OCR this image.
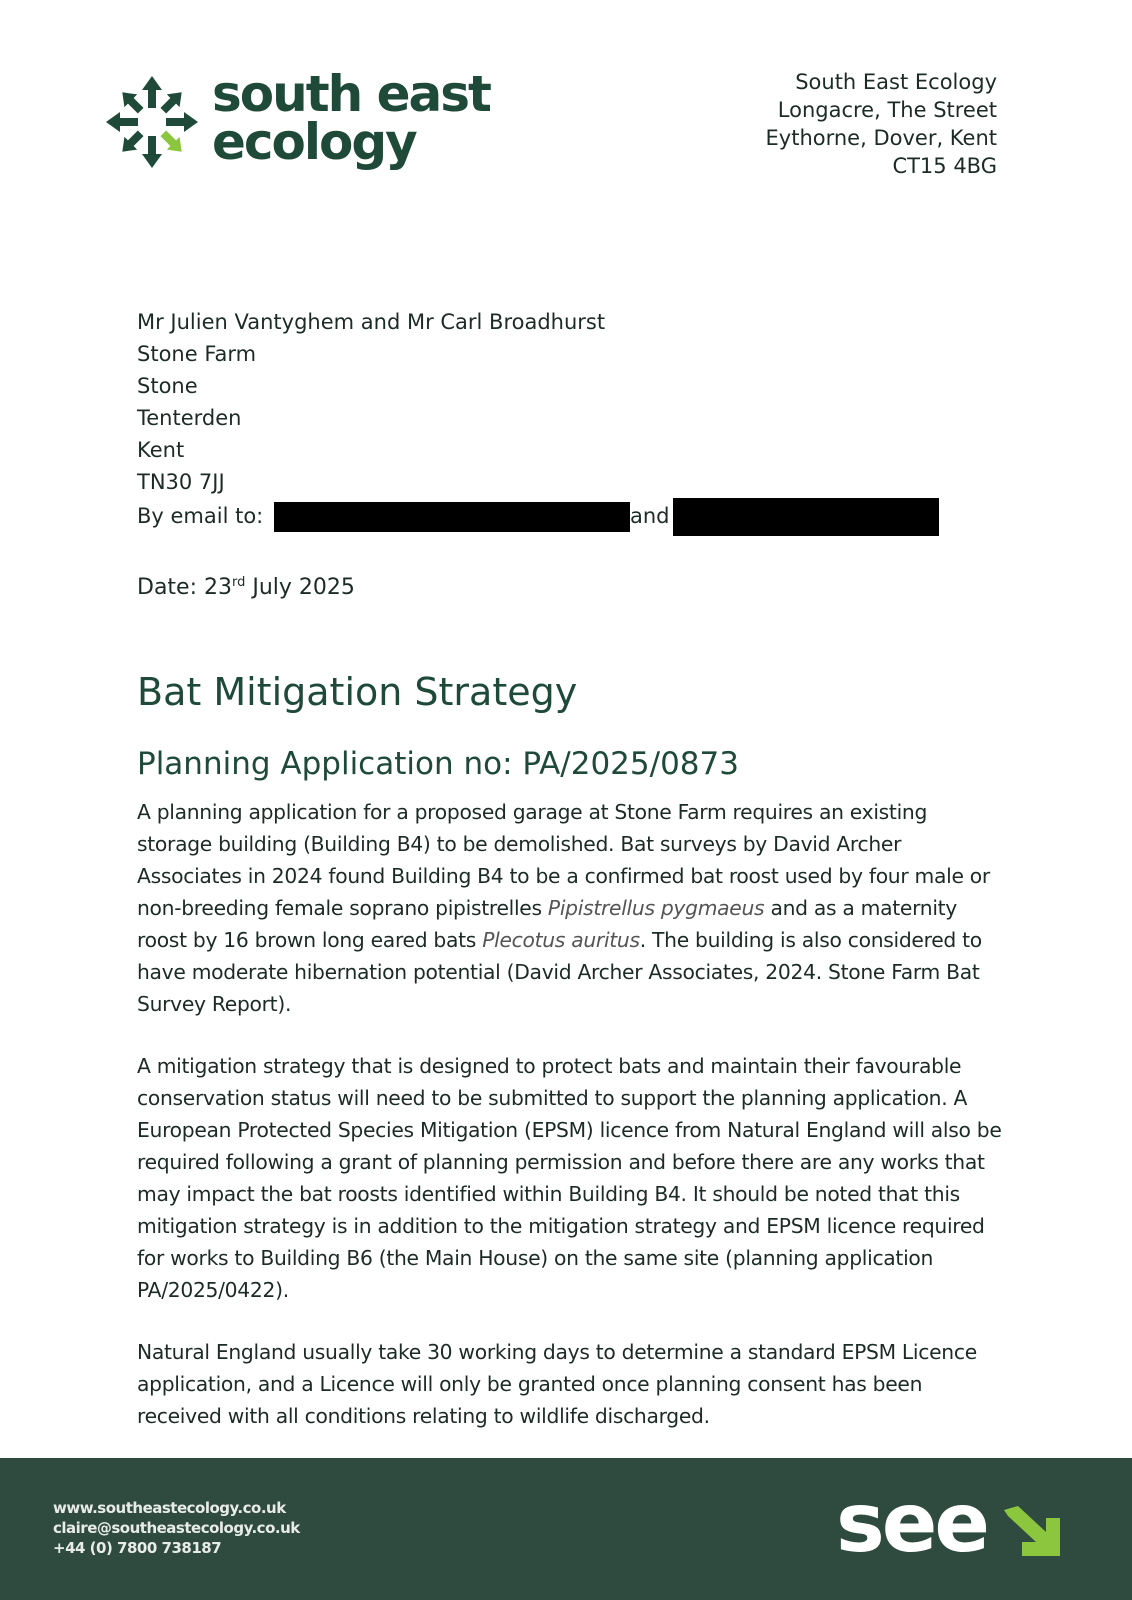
south east
ecology
South East Ecology
Longacre, The Street
Eythorne, Dover, Kent
CT15 4BG
Mr Julien Vantyghem and Mr Carl Broadhurst
Stone Farm
Stone
Tenterden
Kent
TN30 7JJ
By email to:	and
Date: 23rd July 2025
Bat Mitigation Strategy
Planning Application no: PA/2025/0873

A planning application for a proposed garage at Stone Farm requires an existing storage building (Building B4) to be demolished. Bat surveys by David Archer Associates in 2024 found Building B4 to be a confirmed bat roost used by four male or non-breeding female soprano pipistrelles Pipistrellus pygmaeus and as a maternity roost by 16 brown long eared bats Plecotus auritus. The building is also considered to have moderate hibernation potential (David Archer Associates, 2024. Stone Farm Bat Survey Report).

A mitigation strategy that is designed to protect bats and maintain their favourable conservation status will need to be submitted to support the planning application. A European Protected Species Mitigation (EPSM) licence from Natural England will also be required following a grant of planning permission and before there are any works that may impact the bat roosts identified within Building B4. It should be noted that this mitigation strategy is in addition to the mitigation strategy and EPSM licence required for works to Building B6 (the Main House) on the same site (planning application PA/2025/0422).

Natural England usually take 30 working days to determine a standard EPSM Licence application, and a Licence will only be granted once planning consent has been received with all conditions relating to wildlife discharged.

www.southeastecology.co.uk
claire@southeastecology.co.uk
+44 (0) 7800 738187	see
